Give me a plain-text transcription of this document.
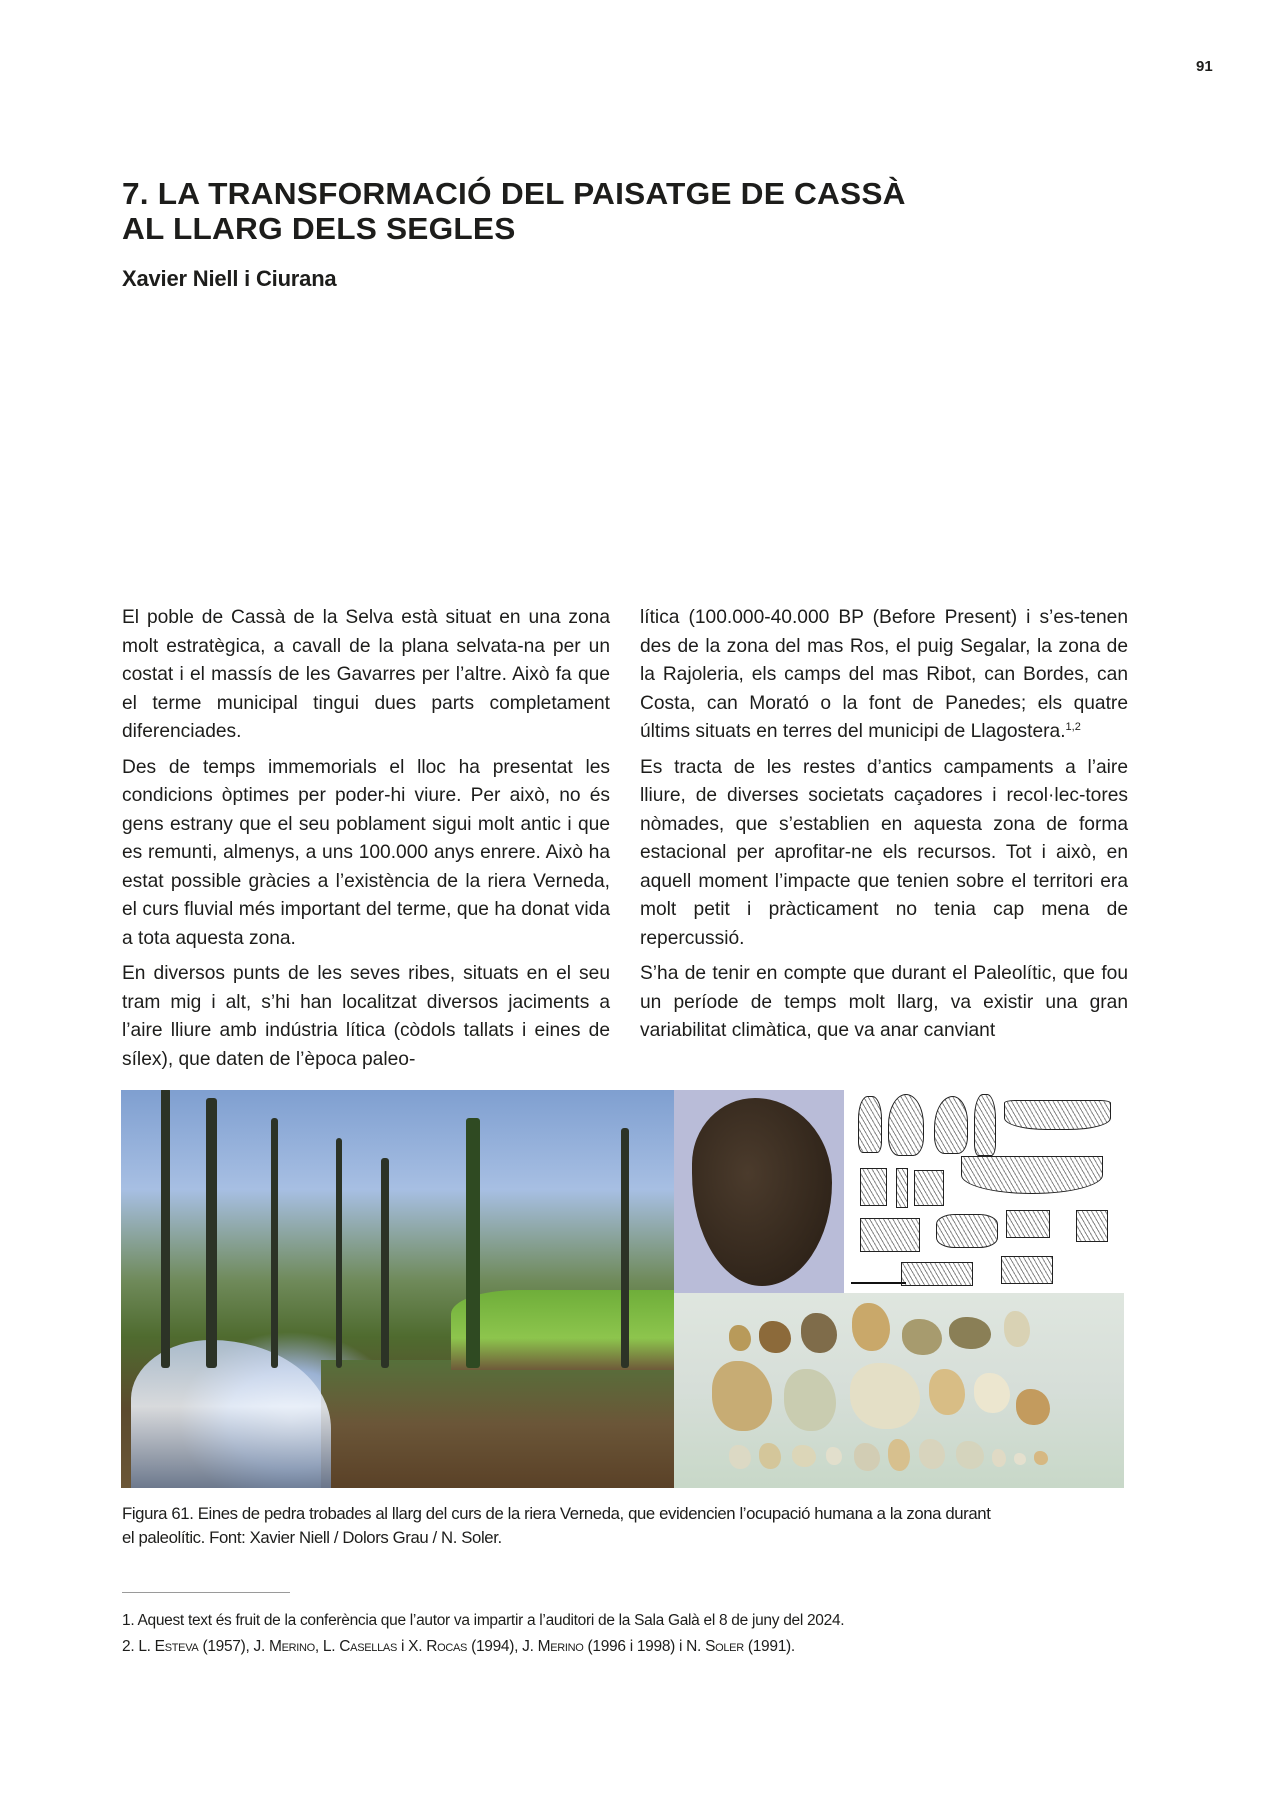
91
7. LA TRANSFORMACIÓ DEL PAISATGE DE CASSÀ
AL LLARG DELS SEGLES
Xavier Niell i Ciurana

El poble de Cassà de la Selva està situat en una zona molt estratègica, a cavall de la plana selvata-na per un costat i el massís de les Gavarres per l’altre. Això fa que el terme municipal tingui dues parts completament diferenciades.

Des de temps immemorials el lloc ha presentat les condicions òptimes per poder-hi viure. Per això, no és gens estrany que el seu poblament sigui molt antic i que es remunti, almenys, a uns 100.000 anys enrere. Això ha estat possible gràcies a l’existència de la riera Verneda, el curs fluvial més important del terme, que ha donat vida a tota aquesta zona.

En diversos punts de les seves ribes, situats en el seu tram mig i alt, s’hi han localitzat diversos jaciments a l’aire lliure amb indústria lítica (còdols tallats i eines de sílex), que daten de l’època paleo-

lítica (100.000-40.000 BP (Before Present) i s’es-tenen des de la zona del mas Ros, el puig Segalar, la zona de la Rajoleria, els camps del mas Ribot, can Bordes, can Costa, can Morató o la font de Panedes; els quatre últims situats en terres del municipi de Llagostera.$^{1,2}$

Es tracta de les restes d’antics campaments a l’aire lliure, de diverses societats caçadores i recol·lec-tores nòmades, que s’establien en aquesta zona de forma estacional per aprofitar-ne els recursos. Tot i això, en aquell moment l’impacte que tenien sobre el territori era molt petit i pràcticament no tenia cap mena de repercussió.

S’ha de tenir en compte que durant el Paleolític, que fou un període de temps molt llarg, va existir una gran variabilitat climàtica, que va anar canviant

Figura 61. Eines de pedra trobades al llarg del curs de la riera Verneda, que evidencien l’ocupació humana a la zona durant
el paleolític. Font: Xavier Niell / Dolors Grau / N. Soler.
1. Aquest text és fruit de la conferència que l’autor va impartir a l’auditori de la Sala Galà el 8 de juny del 2024.
2. L. Esteva (1957), J. Merino, L. Casellas i X. Rocas (1994), J. Merino (1996 i 1998) i N. Soler (1991).
